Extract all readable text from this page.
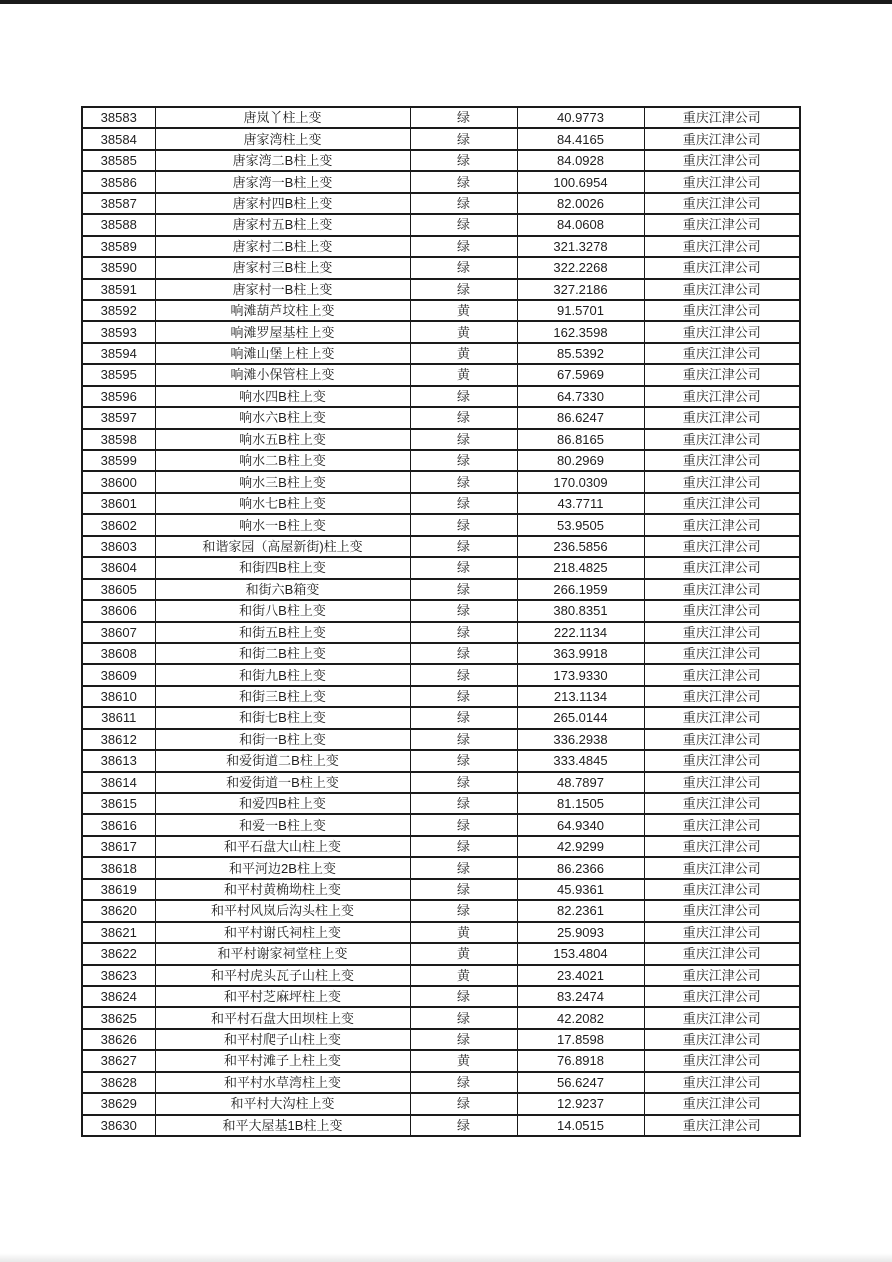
38583	唐岚丫柱上变	绿	40.9773	重庆江津公司
38584	唐家湾柱上变	绿	84.4165	重庆江津公司
38585	唐家湾二B柱上变	绿	84.0928	重庆江津公司
38586	唐家湾一B柱上变	绿	100.6954	重庆江津公司
38587	唐家村四B柱上变	绿	82.0026	重庆江津公司
38588	唐家村五B柱上变	绿	84.0608	重庆江津公司
38589	唐家村二B柱上变	绿	321.3278	重庆江津公司
38590	唐家村三B柱上变	绿	322.2268	重庆江津公司
38591	唐家村一B柱上变	绿	327.2186	重庆江津公司
38592	响滩葫芦坟柱上变	黄	91.5701	重庆江津公司
38593	响滩罗屋基柱上变	黄	162.3598	重庆江津公司
38594	响滩山堡上柱上变	黄	85.5392	重庆江津公司
38595	响滩小保管柱上变	黄	67.5969	重庆江津公司
38596	响水四B柱上变	绿	64.7330	重庆江津公司
38597	响水六B柱上变	绿	86.6247	重庆江津公司
38598	响水五B柱上变	绿	86.8165	重庆江津公司
38599	响水二B柱上变	绿	80.2969	重庆江津公司
38600	响水三B柱上变	绿	170.0309	重庆江津公司
38601	响水七B柱上变	绿	43.7711	重庆江津公司
38602	响水一B柱上变	绿	53.9505	重庆江津公司
38603	和谐家园（高屋新街)柱上变	绿	236.5856	重庆江津公司
38604	和街四B柱上变	绿	218.4825	重庆江津公司
38605	和街六B箱变	绿	266.1959	重庆江津公司
38606	和街八B柱上变	绿	380.8351	重庆江津公司
38607	和街五B柱上变	绿	222.1134	重庆江津公司
38608	和街二B柱上变	绿	363.9918	重庆江津公司
38609	和街九B柱上变	绿	173.9330	重庆江津公司
38610	和街三B柱上变	绿	213.1134	重庆江津公司
38611	和街七B柱上变	绿	265.0144	重庆江津公司
38612	和街一B柱上变	绿	336.2938	重庆江津公司
38613	和爱街道二B柱上变	绿	333.4845	重庆江津公司
38614	和爱街道一B柱上变	绿	48.7897	重庆江津公司
38615	和爱四B柱上变	绿	81.1505	重庆江津公司
38616	和爱一B柱上变	绿	64.9340	重庆江津公司
38617	和平石盘大山柱上变	绿	42.9299	重庆江津公司
38618	和平河边2B柱上变	绿	86.2366	重庆江津公司
38619	和平村黄桷坳柱上变	绿	45.9361	重庆江津公司
38620	和平村风岚后沟头柱上变	绿	82.2361	重庆江津公司
38621	和平村谢氏祠柱上变	黄	25.9093	重庆江津公司
38622	和平村谢家祠堂柱上变	黄	153.4804	重庆江津公司
38623	和平村虎头瓦子山柱上变	黄	23.4021	重庆江津公司
38624	和平村芝麻坪柱上变	绿	83.2474	重庆江津公司
38625	和平村石盘大田坝柱上变	绿	42.2082	重庆江津公司
38626	和平村爬子山柱上变	绿	17.8598	重庆江津公司
38627	和平村滩子上柱上变	黄	76.8918	重庆江津公司
38628	和平村水草湾柱上变	绿	56.6247	重庆江津公司
38629	和平村大沟柱上变	绿	12.9237	重庆江津公司
38630	和平大屋基1B柱上变	绿	14.0515	重庆江津公司
